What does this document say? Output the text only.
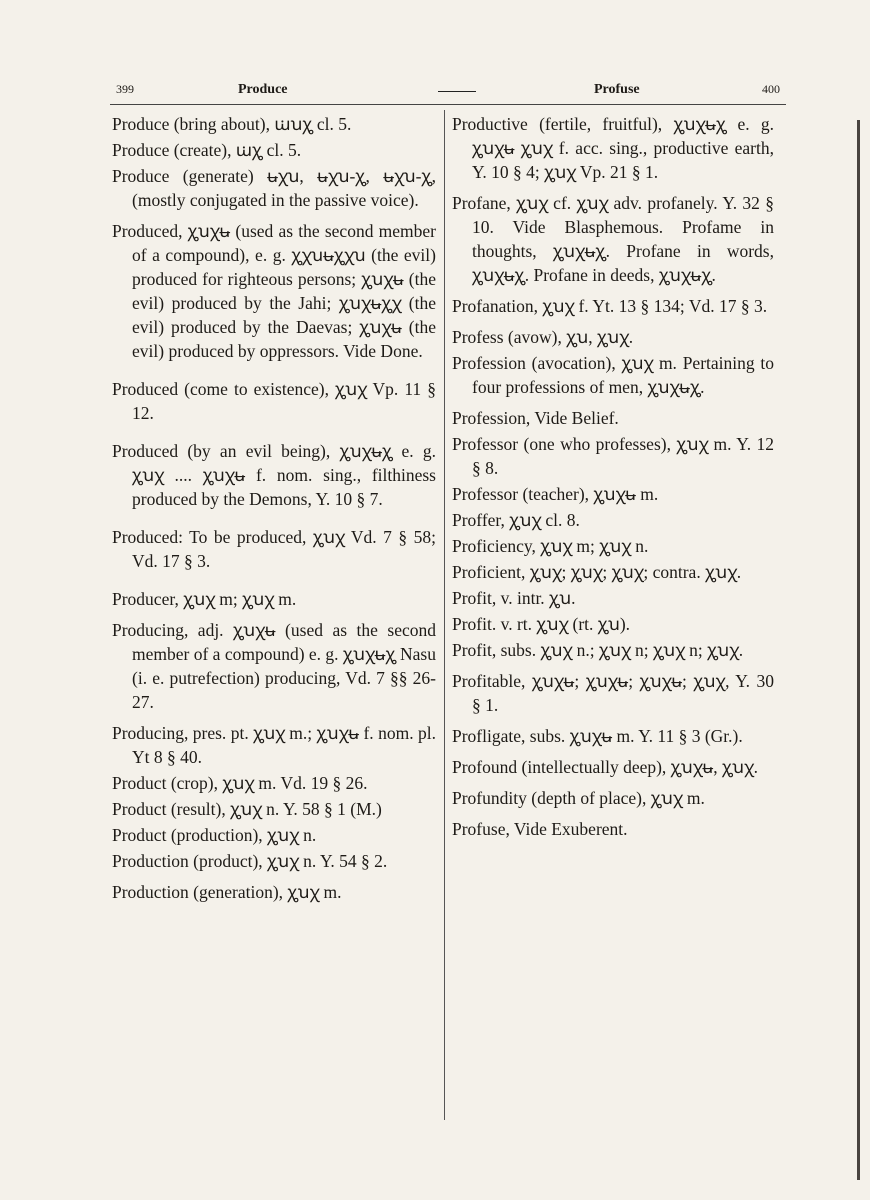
399	Produce	Profuse	400
Produce (bring about), ꭐꭒꭔ cl. 5.
Produce (create), ꭐꭔ cl. 5.
Produce (generate) ꭏꭓꭒ, ꭏꭓꭒ-ꭔ, ꭏꭓꭒ-ꭔ, (mostly conjugated in the passive voice).
Produced, ꭔꭒꭓꭏ (used as the second member of a compound), e. g. ꭔꭓꭒꭏꭔꭓꭒ (the evil) produced for righteous persons; ꭔꭒꭓꭏ (the evil) produced by the Jahi; ꭔꭒꭓꭏꭔꭓ (the evil) produced by the Daevas; ꭔꭒꭓꭏ (the evil) produced by oppressors. Vide Done.
Produced (come to existence), ꭔꭒꭓ Vp. 11 § 12.
Produced (by an evil being), ꭔꭒꭓꭏꭔ e. g. ꭔꭒꭓ .... ꭔꭒꭓꭏ f. nom. sing., filthiness produced by the Demons, Y. 10 § 7.
Produced: To be produced, ꭔꭒꭓ Vd. 7 § 58; Vd. 17 § 3.
Producer, ꭔꭒꭓ m; ꭔꭒꭓ m.
Producing, adj. ꭔꭒꭓꭏ (used as the second member of a compound) e. g. ꭔꭒꭓꭏꭔ Nasu (i. e. putrefection) producing, Vd. 7 §§ 26-27.
Producing, pres. pt. ꭔꭒꭓ m.; ꭔꭒꭓꭏ f. nom. pl. Yt 8 § 40.
Product (crop), ꭔꭒꭓ m. Vd. 19 § 26.
Product (result), ꭔꭒꭓ n. Y. 58 § 1 (M.)
Product (production), ꭔꭒꭓ n.
Production (product), ꭔꭒꭓ n. Y. 54 § 2.
Production (generation), ꭔꭒꭓ m.
Productive (fertile, fruitful), ꭔꭒꭓꭏꭔ e. g. ꭔꭒꭓꭏ ꭔꭒꭓ f. acc. sing., productive earth, Y. 10 § 4; ꭔꭒꭓ Vp. 21 § 1.
Profane, ꭔꭒꭓ cf. ꭔꭒꭓ adv. profanely. Y. 32 § 10. Vide Blasphemous. Profame in thoughts, ꭔꭒꭓꭏꭔ. Profane in words, ꭔꭒꭓꭏꭔ. Profane in deeds, ꭔꭒꭓꭏꭔ.
Profanation, ꭔꭒꭓ f. Yt. 13 § 134; Vd. 17 § 3.
Profess (avow), ꭔꭒ, ꭔꭒꭓ.
Profession (avocation), ꭔꭒꭓ m. Pertaining to four professions of men, ꭔꭒꭓꭏꭔ.
Profession, Vide Belief.
Professor (one who professes), ꭔꭒꭓ m. Y. 12 § 8.
Professor (teacher), ꭔꭒꭓꭏ m.
Proffer, ꭔꭒꭓ cl. 8.
Proficiency, ꭔꭒꭓ m; ꭔꭒꭓ n.
Proficient, ꭔꭒꭓ; ꭔꭒꭓ; ꭔꭒꭓ; contra. ꭔꭒꭓ.
Profit, v. intr. ꭔꭒ.
Profit. v. rt. ꭔꭒꭓ (rt. ꭔꭒ).
Profit, subs. ꭔꭒꭓ n.; ꭔꭒꭓ n; ꭔꭒꭓ n; ꭔꭒꭓ.
Profitable, ꭔꭒꭓꭏ; ꭔꭒꭓꭏ; ꭔꭒꭓꭏ; ꭔꭒꭓ, Y. 30 § 1.
Profligate, subs. ꭔꭒꭓꭏ m. Y. 11 § 3 (Gr.).
Profound (intellectually deep), ꭔꭒꭓꭏ, ꭔꭒꭓ.
Profundity (depth of place), ꭔꭒꭓ m.
Profuse, Vide Exuberent.
